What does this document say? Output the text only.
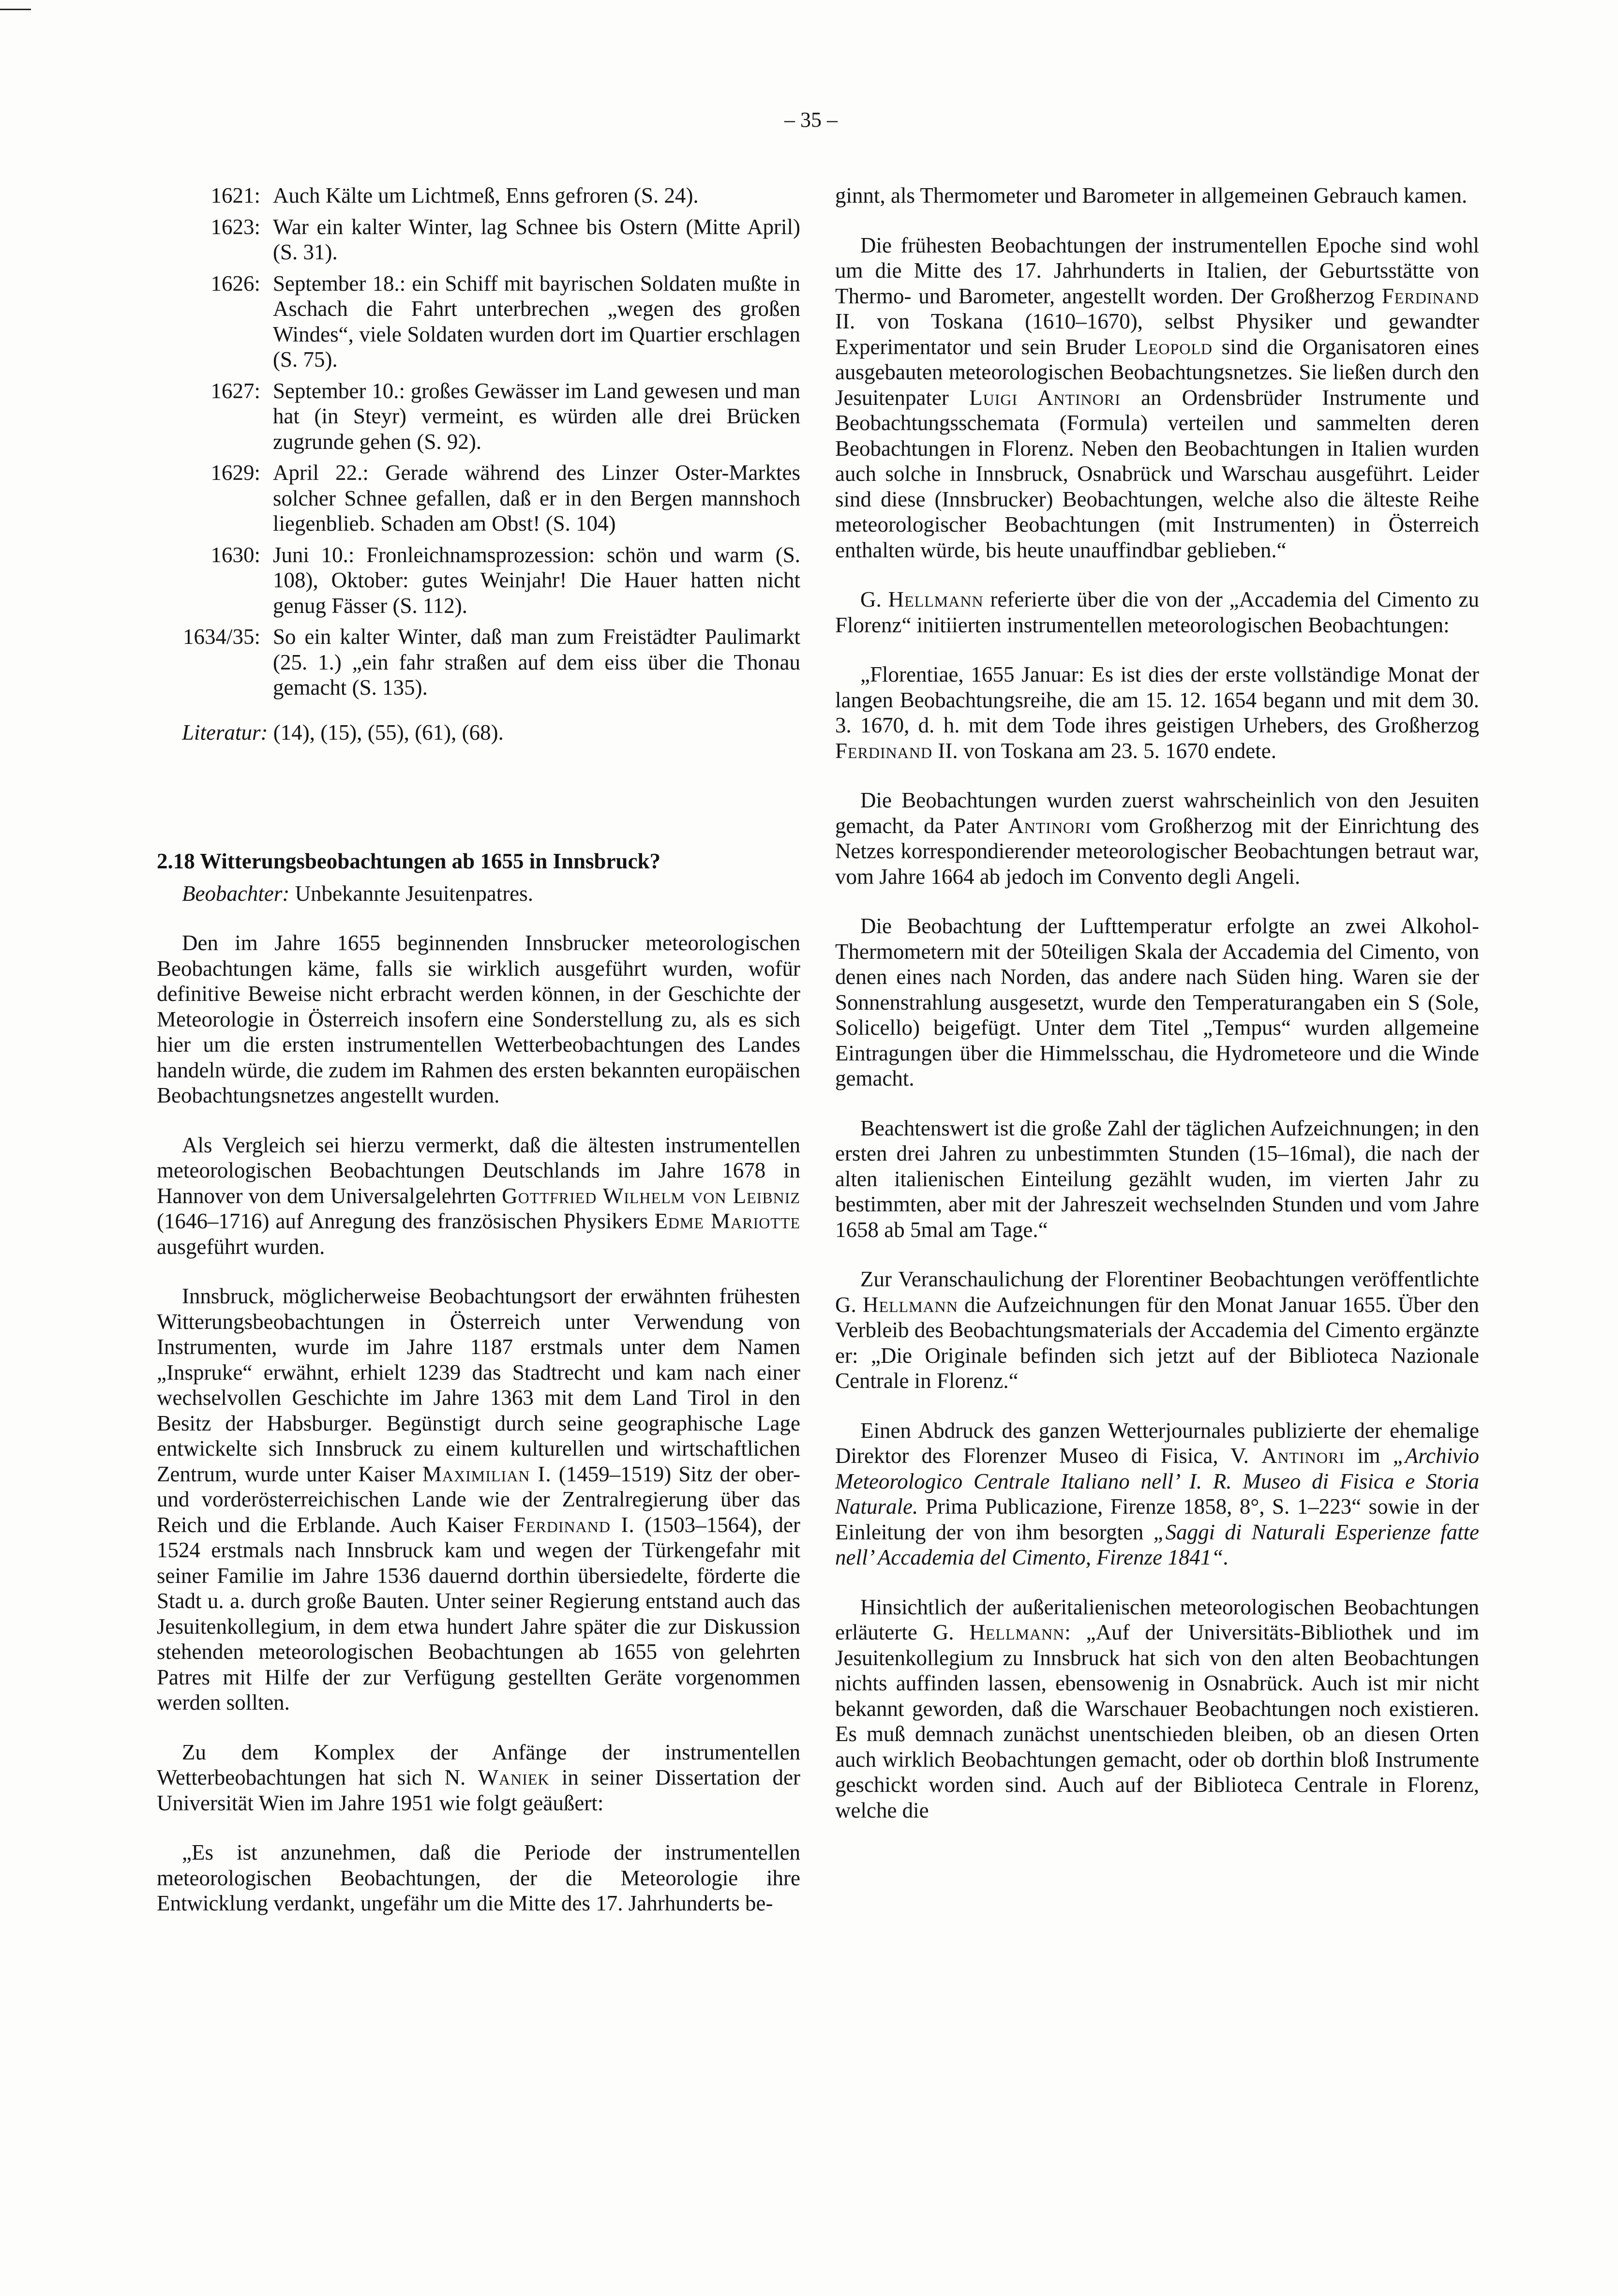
– 35 –
1621: Auch Kälte um Lichtmeß, Enns gefroren (S. 24).
1623: War ein kalter Winter, lag Schnee bis Ostern (Mitte April) (S. 31).
1626: September 18.: ein Schiff mit bayrischen Soldaten mußte in Aschach die Fahrt unterbrechen „wegen des großen Windes“, viele Soldaten wurden dort im Quartier erschlagen (S. 75).
1627: September 10.: großes Gewässer im Land gewesen und man hat (in Steyr) vermeint, es würden alle drei Brücken zugrunde gehen (S. 92).
1629: April 22.: Gerade während des Linzer Oster-Marktes solcher Schnee gefallen, daß er in den Bergen mannshoch liegenblieb. Schaden am Obst! (S. 104)
1630: Juni 10.: Fronleichnamsprozession: schön und warm (S. 108), Oktober: gutes Weinjahr! Die Hauer hatten nicht genug Fässer (S. 112).
1634/35: So ein kalter Winter, daß man zum Freistädter Paulimarkt (25. 1.) „ein fahr straßen auf dem eiss über die Thonau gemacht (S. 135).

Literatur: (14), (15), (55), (61), (68).

2.18 Witterungsbeobachtungen ab 1655 in Innsbruck?

Beobachter: Unbekannte Jesuitenpatres.

Den im Jahre 1655 beginnenden Innsbrucker meteorologischen Beobachtungen käme, falls sie wirklich ausgeführt wurden, wofür definitive Beweise nicht erbracht werden können, in der Geschichte der Meteorologie in Österreich insofern eine Sonderstellung zu, als es sich hier um die ersten instrumentellen Wetterbeobachtungen des Landes handeln würde, die zudem im Rahmen des ersten bekannten europäischen Beobachtungsnetzes angestellt wurden.

Als Vergleich sei hierzu vermerkt, daß die ältesten instrumentellen meteorologischen Beobachtungen Deutschlands im Jahre 1678 in Hannover von dem Universalgelehrten Gottfried Wilhelm von Leibniz (1646–1716) auf Anregung des französischen Physikers Edme Mariotte ausgeführt wurden.

Innsbruck, möglicherweise Beobachtungsort der erwähnten frühesten Witterungsbeobachtungen in Österreich unter Verwendung von Instrumenten, wurde im Jahre 1187 erstmals unter dem Namen „Inspruke“ erwähnt, erhielt 1239 das Stadtrecht und kam nach einer wechselvollen Geschichte im Jahre 1363 mit dem Land Tirol in den Besitz der Habsburger. Begünstigt durch seine geographische Lage entwickelte sich Innsbruck zu einem kulturellen und wirtschaftlichen Zentrum, wurde unter Kaiser Maximilian I. (1459–1519) Sitz der ober- und vorderösterreichischen Lande wie der Zentralregierung über das Reich und die Erblande. Auch Kaiser Ferdinand I. (1503–1564), der 1524 erstmals nach Innsbruck kam und wegen der Türkengefahr mit seiner Familie im Jahre 1536 dauernd dorthin übersiedelte, förderte die Stadt u. a. durch große Bauten. Unter seiner Regierung entstand auch das Jesuitenkollegium, in dem etwa hundert Jahre später die zur Diskussion stehenden meteorologischen Beobachtungen ab 1655 von gelehrten Patres mit Hilfe der zur Verfügung gestellten Geräte vorgenommen werden sollten.

Zu dem Komplex der Anfänge der instrumentellen Wetterbeobachtungen hat sich N. Waniek in seiner Dissertation der Universität Wien im Jahre 1951 wie folgt geäußert:

„Es ist anzunehmen, daß die Periode der instrumentellen meteorologischen Beobachtungen, der die Meteorologie ihre Entwicklung verdankt, ungefähr um die Mitte des 17. Jahrhunderts be-

ginnt, als Thermometer und Barometer in allgemeinen Gebrauch kamen.

Die frühesten Beobachtungen der instrumentellen Epoche sind wohl um die Mitte des 17. Jahrhunderts in Italien, der Geburtsstätte von Thermo- und Barometer, angestellt worden. Der Großherzog Ferdinand II. von Toskana (1610–1670), selbst Physiker und gewandter Experimentator und sein Bruder Leopold sind die Organisatoren eines ausgebauten meteorologischen Beobachtungsnetzes. Sie ließen durch den Jesuitenpater Luigi Antinori an Ordensbrüder Instrumente und Beobachtungsschemata (Formula) verteilen und sammelten deren Beobachtungen in Florenz. Neben den Beobachtungen in Italien wurden auch solche in Innsbruck, Osnabrück und Warschau ausgeführt. Leider sind diese (Innsbrucker) Beobachtungen, welche also die älteste Reihe meteorologischer Beobachtungen (mit Instrumenten) in Österreich enthalten würde, bis heute unauffindbar geblieben.“

G. Hellmann referierte über die von der „Accademia del Cimento zu Florenz“ initiierten instrumentellen meteorologischen Beobachtungen:

„Florentiae, 1655 Januar: Es ist dies der erste vollständige Monat der langen Beobachtungsreihe, die am 15. 12. 1654 begann und mit dem 30. 3. 1670, d. h. mit dem Tode ihres geistigen Urhebers, des Großherzog Ferdinand II. von Toskana am 23. 5. 1670 endete.

Die Beobachtungen wurden zuerst wahrscheinlich von den Jesuiten gemacht, da Pater Antinori vom Großherzog mit der Einrichtung des Netzes korrespondierender meteorologischer Beobachtungen betraut war, vom Jahre 1664 ab jedoch im Convento degli Angeli.

Die Beobachtung der Lufttemperatur erfolgte an zwei Alkohol-Thermometern mit der 50teiligen Skala der Accademia del Cimento, von denen eines nach Norden, das andere nach Süden hing. Waren sie der Sonnenstrahlung ausgesetzt, wurde den Temperaturangaben ein S (Sole, Solicello) beigefügt. Unter dem Titel „Tempus“ wurden allgemeine Eintragungen über die Himmelsschau, die Hydrometeore und die Winde gemacht.

Beachtenswert ist die große Zahl der täglichen Aufzeichnungen; in den ersten drei Jahren zu unbestimmten Stunden (15–16mal), die nach der alten italienischen Einteilung gezählt wuden, im vierten Jahr zu bestimmten, aber mit der Jahreszeit wechselnden Stunden und vom Jahre 1658 ab 5mal am Tage.“

Zur Veranschaulichung der Florentiner Beobachtungen veröffentlichte G. Hellmann die Aufzeichnungen für den Monat Januar 1655. Über den Verbleib des Beobachtungsmaterials der Accademia del Cimento ergänzte er: „Die Originale befinden sich jetzt auf der Biblioteca Nazionale Centrale in Florenz.“

Einen Abdruck des ganzen Wetterjournales publizierte der ehemalige Direktor des Florenzer Museo di Fisica, V. Antinori im „Archivio Meteorologico Centrale Italiano nell’ I. R. Museo di Fisica e Storia Naturale. Prima Publicazione, Firenze 1858, 8°, S. 1–223“ sowie in der Einleitung der von ihm besorgten „Saggi di Naturali Esperienze fatte nell’ Accademia del Cimento, Firenze 1841“.

Hinsichtlich der außeritalienischen meteorologischen Beobachtungen erläuterte G. Hellmann: „Auf der Universitäts-Bibliothek und im Jesuitenkollegium zu Innsbruck hat sich von den alten Beobachtungen nichts auffinden lassen, ebensowenig in Osnabrück. Auch ist mir nicht bekannt geworden, daß die Warschauer Beobachtungen noch existieren. Es muß demnach zunächst unentschieden bleiben, ob an diesen Orten auch wirklich Beobachtungen gemacht, oder ob dorthin bloß Instrumente geschickt worden sind. Auch auf der Biblioteca Centrale in Florenz, welche die
